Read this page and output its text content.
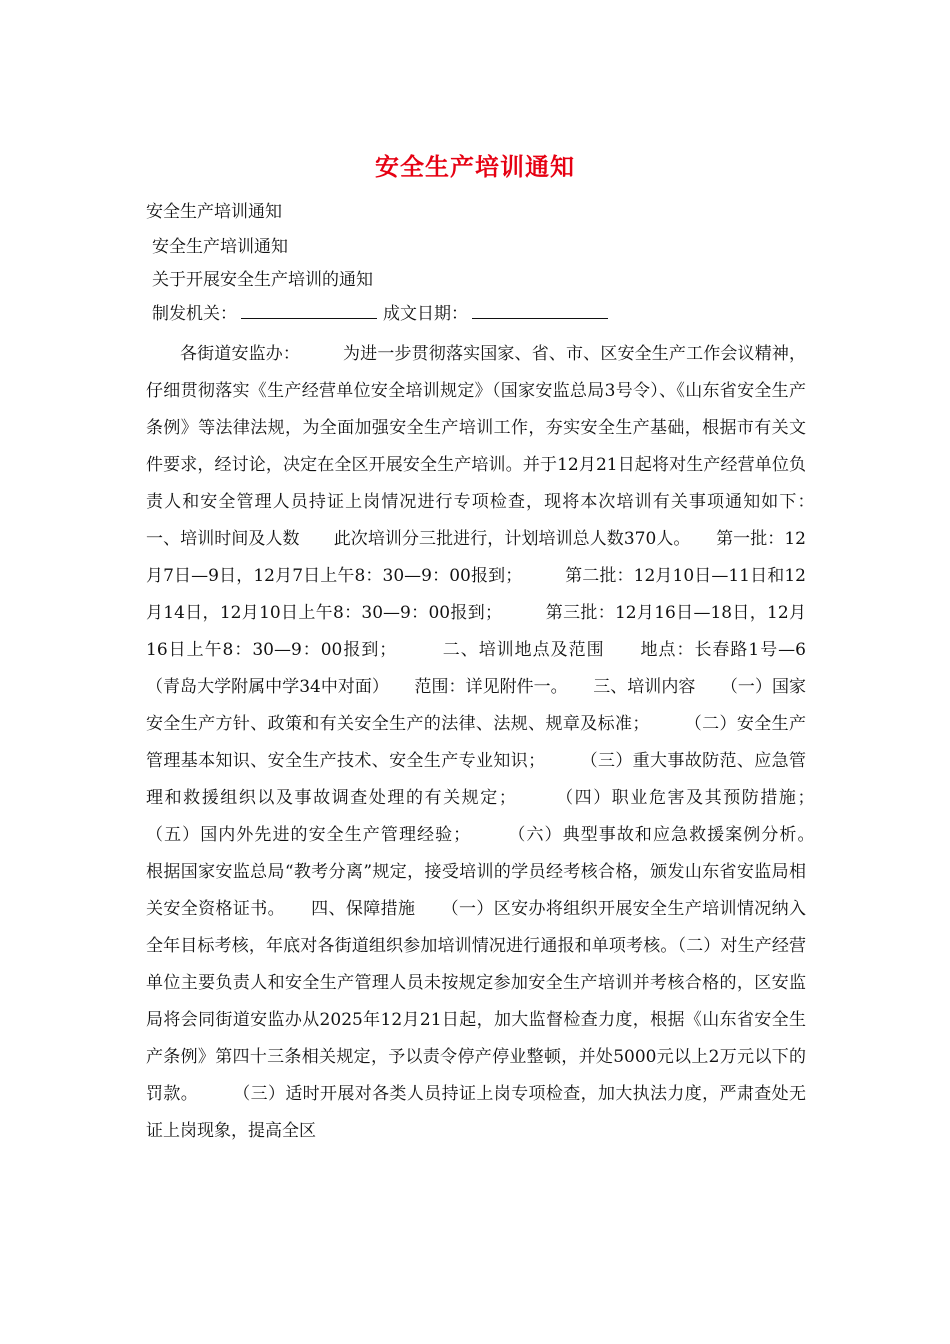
安全生产培训通知
安全生产培训通知
安全生产培训通知
关于开展安全生产培训的通知
制发机关：	成文日期：
各街道安监办：　　　为进一步贯彻落实国家、省、市、区安全生产工作会议精神，仔细贯彻落实《生产经营单位安全培训规定》（国家安监总局3号令）、《山东省安全生产条例》等法律法规，为全面加强安全生产培训工作，夯实安全生产基础，根据市有关文件要求，经讨论，决定在全区开展安全生产培训。并于12月21日起将对生产经营单位负责人和安全管理人员持证上岗情况进行专项检查，现将本次培训有关事项通知如下：　　　一、培训时间及人数　　此次培训分三批进行，计划培训总人数370人。　　第一批：12月7日—9日，12月7日上午8：30—9：00报到；　　　第二批：12月10日—11日和12月14日，12月10日上午8：30—9：00报到；　　　第三批：12月16日—18日，12月16日上午8：30—9：00报到；　　　二、培训地点及范围　　地点：长春路1号—6（青岛大学附属中学34中对面）　　范围：详见附件一。　　三、培训内容　　（一）国家安全生产方针、政策和有关安全生产的法律、法规、规章及标准；　　　（二）安全生产管理基本知识、安全生产技术、安全生产专业知识；　　　（三）重大事故防范、应急管理和救援组织以及事故调查处理的有关规定；　　　（四）职业危害及其预防措施；　　　（五）国内外先进的安全生产管理经验；　　　（六）典型事故和应急救援案例分析。　　根据国家安监总局“教考分离”规定，接受培训的学员经考核合格，颁发山东省安监局相关安全资格证书。　　四、保障措施　　（一）区安办将组织开展安全生产培训情况纳入全年目标考核，年底对各街道组织参加培训情况进行通报和单项考核。（二）对生产经营单位主要负责人和安全生产管理人员未按规定参加安全生产培训并考核合格的，区安监局将会同街道安监办从2025年12月21日起，加大监督检查力度，根据《山东省安全生产条例》第四十三条相关规定，予以责令停产停业整顿，并处5000元以上2万元以下的罚款。　　　（三）适时开展对各类人员持证上岗专项检查，加大执法力度，严肃查处无证上岗现象，提高全区
